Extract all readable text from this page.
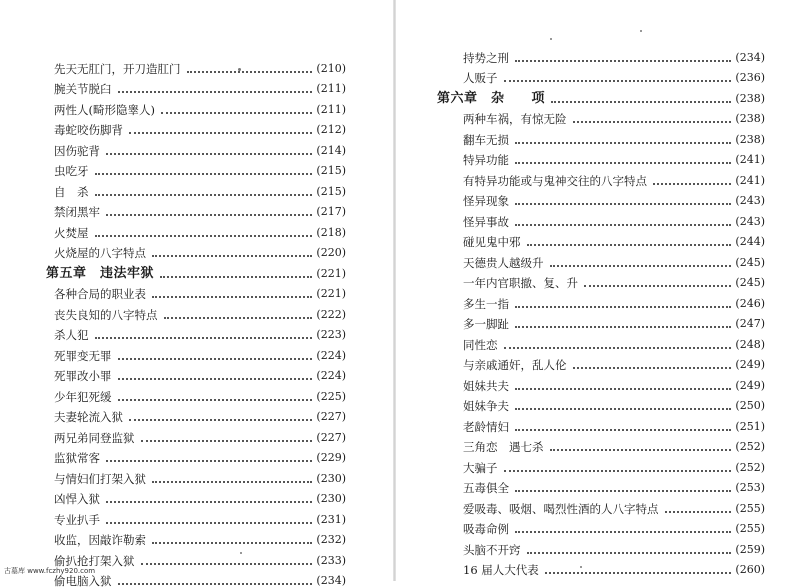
先天无肛门，开刀造肛门	(210)
腕关节脱臼	(211)
两性人(畸形隐睾人)	(211)
毒蛇咬伤脚背	(212)
因伤驼背	(214)
虫吃牙	(215)
自　杀	(215)
禁闭黑牢	(217)
火焚屋	(218)
火烧屋的八字特点	(220)
第五章　违法牢狱	(221)
各种合局的职业表	(221)
丧失良知的八字特点	(222)
杀人犯	(223)
死罪变无罪	(224)
死罪改小罪	(224)
少年犯死缓	(225)
夫妻轮流入狱	(227)
两兄弟同登监狱	(227)
监狱常客	(229)
与情妇们打架入狱	(230)
凶悍入狱	(230)
专业扒手	(231)
收监，因敲诈勒索	(232)
偷扒抢打架入狱	(233)
偷电脑入狱	(234)
持势之刑	(234)
人贩子	(236)
第六章　杂　　项	(238)
两种车祸，有惊无险	(238)
翻车无损	(238)
特异功能	(241)
有特异功能或与鬼神交往的八字特点	(241)
怪异现象	(243)
怪异事故	(243)
碰见鬼中邪	(244)
天德贵人越级升	(245)
一年内官职撤、复、升	(245)
多生一指	(246)
多一脚趾	(247)
同性恋	(248)
与亲戚通奸，乱人伦	(249)
姐妹共夫	(249)
姐妹争夫	(250)
老龄情妇	(251)
三角恋　遇七杀	(252)
大骗子	(252)
五毒俱全	(253)
爱吸毒、吸烟、喝烈性酒的人八字特点	(255)
吸毒命例	(255)
头脑不开窍	(259)
16 届人大代表	(260)
古墓库 www.fczhy920.com
